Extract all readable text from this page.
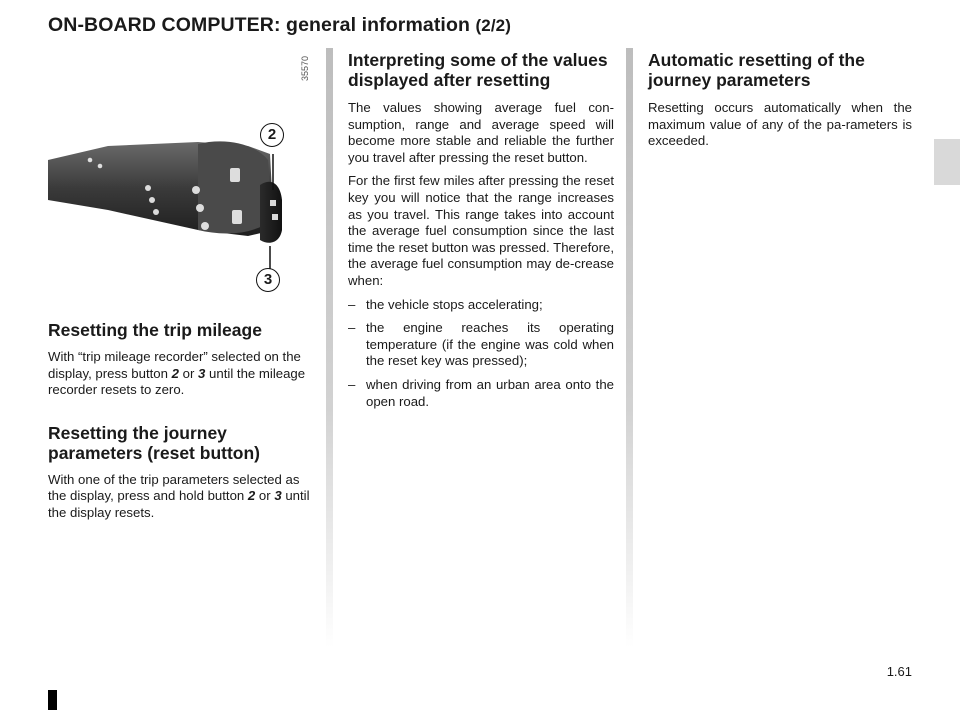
ON-BOARD COMPUTER: general information (2/2)
35570
2
3

Resetting the trip mileage

With “trip mileage recorder” selected on the display, press button 2 or 3 until the mileage recorder resets to zero.

Resetting the journey parameters (reset button)

With one of the trip parameters selected as the display, press and hold button 2 or 3 until the display resets.

Interpreting some of the values displayed after resetting

The values showing average fuel con-sumption, range and average speed will become more stable and reliable the further you travel after pressing the reset button.

For the first few miles after pressing the reset key you will notice that the range increases as you travel. This range takes into account the average fuel consumption since the last time the reset button was pressed. Therefore, the average fuel consumption may de-crease when:

– the vehicle stops accelerating;

– the engine reaches its operating temperature (if the engine was cold when the reset key was pressed);

– when driving from an urban area onto the open road.

Automatic resetting of the journey parameters

Resetting occurs automatically when the maximum value of any of the pa-rameters is exceeded.

1.61
